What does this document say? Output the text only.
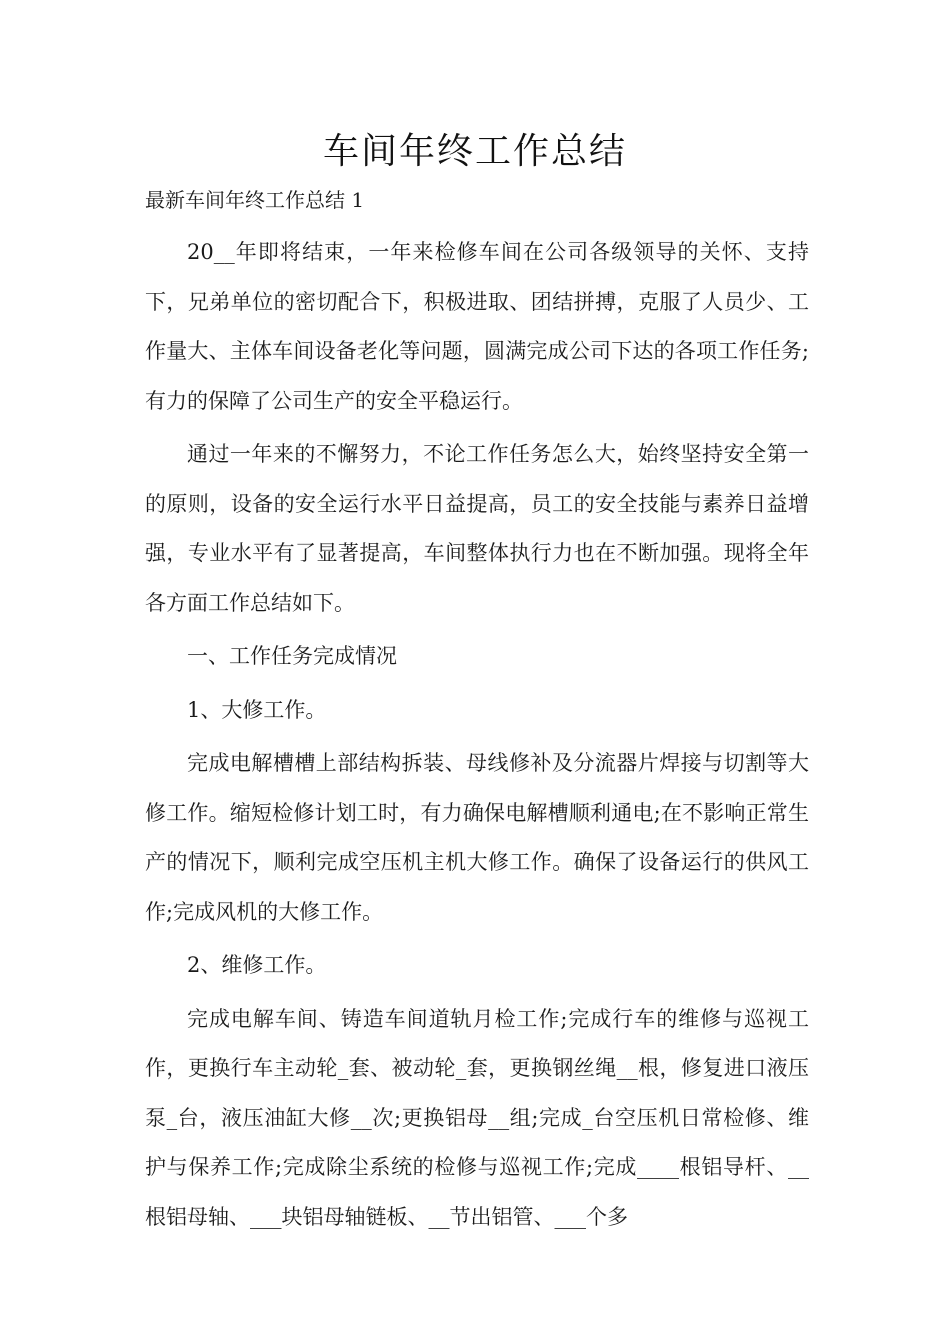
车间年终工作总结

最新车间年终工作总结 1

20__年即将结束，一年来检修车间在公司各级领导的关怀、支持下，兄弟单位的密切配合下，积极进取、团结拼搏，克服了人员少、工作量大、主体车间设备老化等问题，圆满完成公司下达的各项工作任务;有力的保障了公司生产的安全平稳运行。

通过一年来的不懈努力，不论工作任务怎么大，始终坚持安全第一的原则，设备的安全运行水平日益提高，员工的安全技能与素养日益增强，专业水平有了显著提高，车间整体执行力也在不断加强。现将全年各方面工作总结如下。

一、工作任务完成情况

1、大修工作。

完成电解槽槽上部结构拆装、母线修补及分流器片焊接与切割等大修工作。缩短检修计划工时，有力确保电解槽顺利通电;在不影响正常生产的情况下，顺利完成空压机主机大修工作。确保了设备运行的供风工作;完成风机的大修工作。

2、维修工作。

完成电解车间、铸造车间道轨月检工作;完成行车的维修与巡视工作，更换行车主动轮_套、被动轮_套，更换钢丝绳__根，修复进口液压泵_台，液压油缸大修__次;更换铝母__组;完成_台空压机日常检修、维护与保养工作;完成除尘系统的检修与巡视工作;完成____根铝导杆、__根铝母轴、___块铝母轴链板、__节出铝管、___个多
